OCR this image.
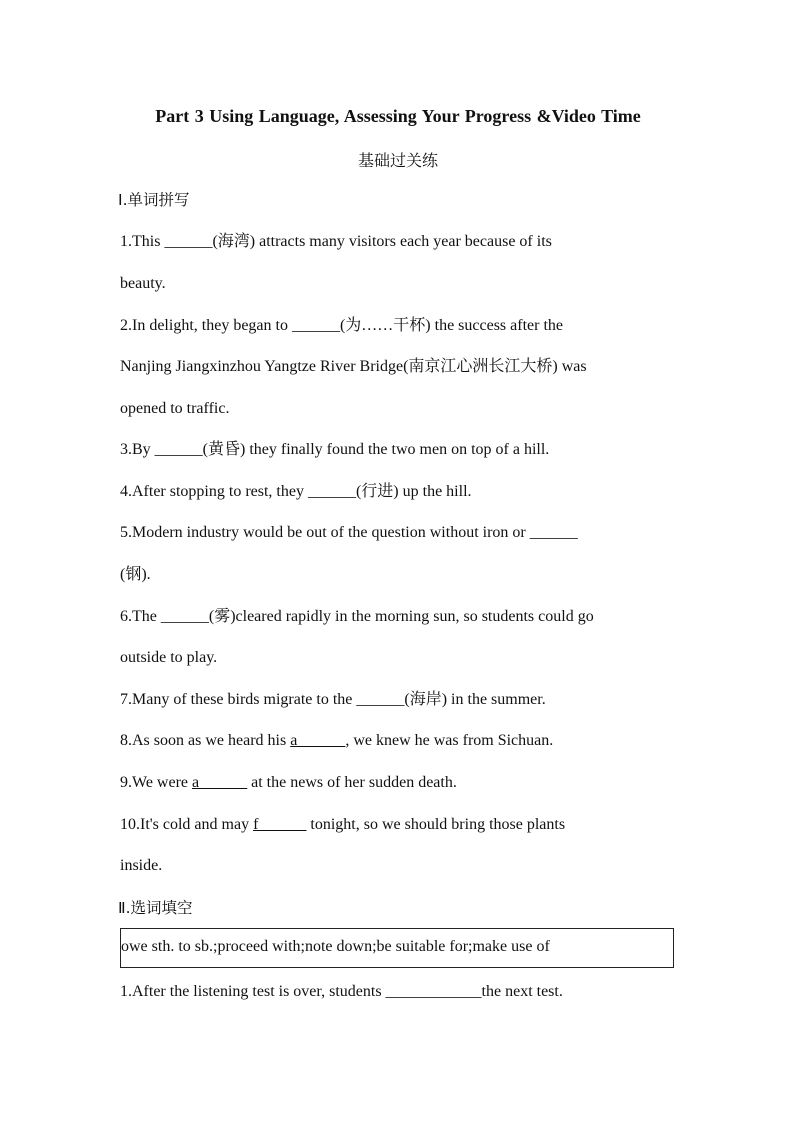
Part 3 Using Language, Assessing Your Progress &Video Time
基础过关练
Ⅰ.单词拼写
1.This ______(海湾) attracts many visitors each year because of its
beauty.
2.In delight, they began to ______(为……干杯) the success after the
Nanjing Jiangxinzhou Yangtze River Bridge(南京江心洲长江大桥) was
opened to traffic.
3.By ______(黄昏) they finally found the two men on top of a hill.
4.After stopping to rest, they ______(行进) up the hill.
5.Modern industry would be out of the question without iron or ______
(钢).
6.The ______(雾)cleared rapidly in the morning sun, so students could go
outside to play.
7.Many of these birds migrate to the ______(海岸) in the summer.
8.As soon as we heard his a______, we knew he was from Sichuan.
9.We were a______ at the news of her sudden death.
10.It's cold and may f______ tonight, so we should bring those plants
inside.
Ⅱ.选词填空
owe sth. to sb.;proceed with;note down;be suitable for;make use of
1.After the listening test is over, students ____________the next test.
